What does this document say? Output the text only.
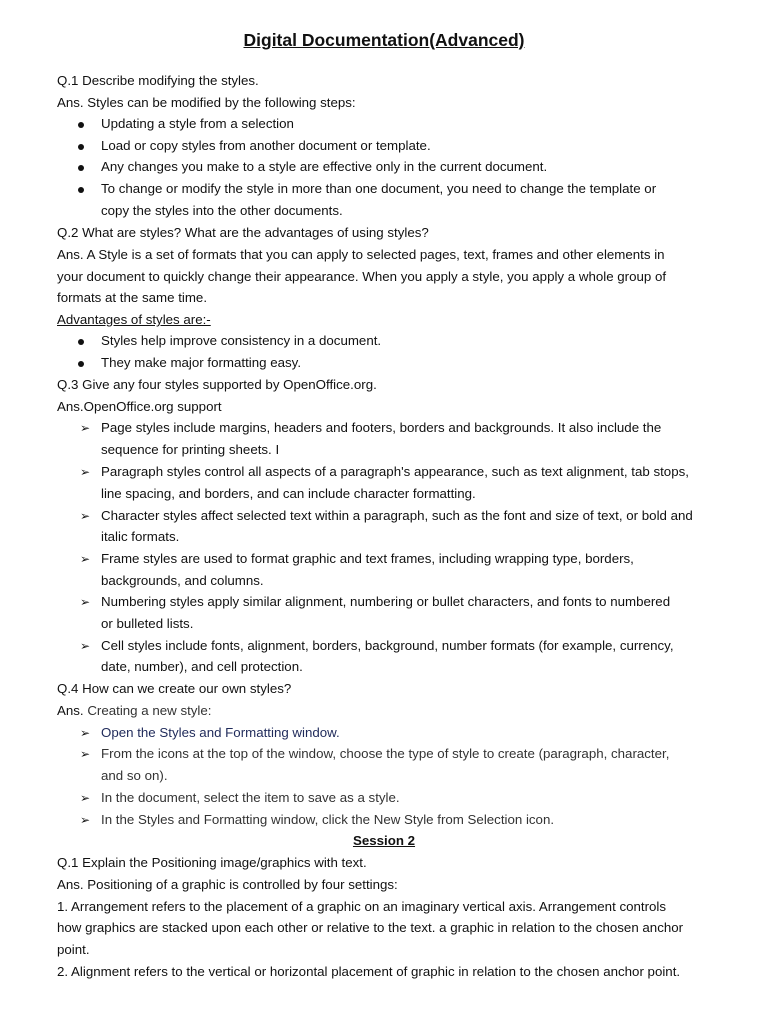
Digital Documentation(Advanced)
Q.1 Describe modifying the styles.
Ans. Styles can be modified by the following steps:
Updating a style from a selection
Load or copy styles from another document or template.
Any changes you make to a style are effective only in the current document.
To change or modify the style in more than one document, you need to change the template or
copy the styles into the other documents.
Q.2 What are styles? What are the advantages of using styles?
Ans. A Style is a set of formats that you can apply to selected pages, text, frames and other elements in
your document to quickly change their appearance. When you apply a style, you apply a whole group of
formats at the same time.
Advantages of styles are:-
Styles help improve consistency in a document.
They make major formatting easy.
Q.3 Give any four styles supported by OpenOffice.org.
Ans.OpenOffice.org support
➢ Page styles include margins, headers and footers, borders and backgrounds. It also include the
sequence for printing sheets. I
➢ Paragraph styles control all aspects of a paragraph's appearance, such as text alignment, tab stops,
line spacing, and borders, and can include character formatting.
➢ Character styles affect selected text within a paragraph, such as the font and size of text, or bold and
italic formats.
➢ Frame styles are used to format graphic and text frames, including wrapping type, borders,
backgrounds, and columns.
➢ Numbering styles apply similar alignment, numbering or bullet characters, and fonts to numbered
or bulleted lists.
➢ Cell styles include fonts, alignment, borders, background, number formats (for example, currency,
date, number), and cell protection.
Q.4 How can we create our own styles?
Ans. Creating a new style:
➢ Open the Styles and Formatting window.
➢ From the icons at the top of the window, choose the type of style to create (paragraph, character,
and so on).
➢ In the document, select the item to save as a style.
➢ In the Styles and Formatting window, click the New Style from Selection icon.
Session 2
Q.1 Explain the Positioning image/graphics with text.
Ans. Positioning of a graphic is controlled by four settings:
1. Arrangement refers to the placement of a graphic on an imaginary vertical axis. Arrangement controls
how graphics are stacked upon each other or relative to the text. a graphic in relation to the chosen anchor
point.
2. Alignment refers to the vertical or horizontal placement of graphic in relation to the chosen anchor point.
